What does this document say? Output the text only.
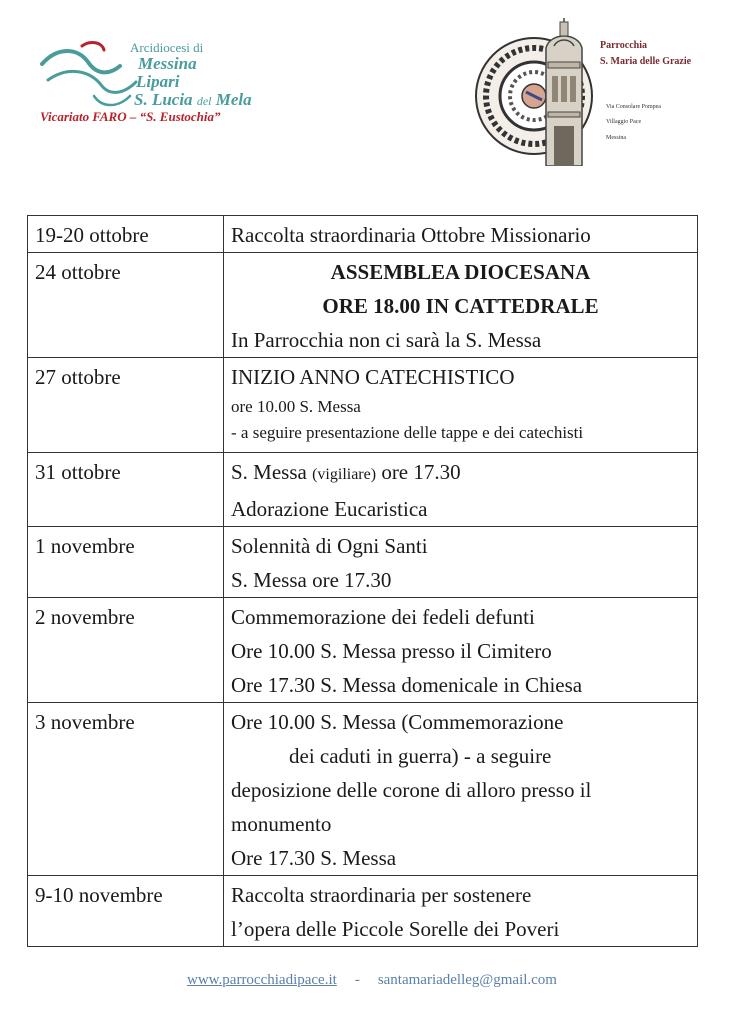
Arcidiocesi di
Messina
Lipari
S. Lucia del Mela
Vicariato FARO – “S. Eustochia”
Parrocchia
S. Maria delle Grazie
Via Consolare Pompea
Villaggio Pace
Messina
19-20 ottobre	Raccolta straordinaria Ottobre Missionario

24 ottobre	ASSEMBLEA DIOCESANA
ORE 18.00 IN CATTEDRALE
In Parrocchia non ci sarà la S. Messa

27 ottobre	INIZIO ANNO CATECHISTICO
ore 10.00 S. Messa
- a seguire presentazione delle tappe e dei catechisti

31 ottobre	S. Messa (vigiliare) ore 17.30
Adorazione Eucaristica

1 novembre	Solennità di Ogni Santi
S. Messa ore 17.30

2 novembre	Commemorazione dei fedeli defunti
Ore 10.00 S. Messa presso il Cimitero
Ore 17.30 S. Messa domenicale in Chiesa

3 novembre	Ore 10.00 S. Messa (Commemorazione
dei caduti in guerra) - a seguire
deposizione delle corone di alloro presso il
monumento
Ore 17.30 S. Messa

9-10 novembre	Raccolta straordinaria per sostenere
l’opera delle Piccole Sorelle dei Poveri
www.parrocchiadipace.it - santamariadelleg@gmail.com
